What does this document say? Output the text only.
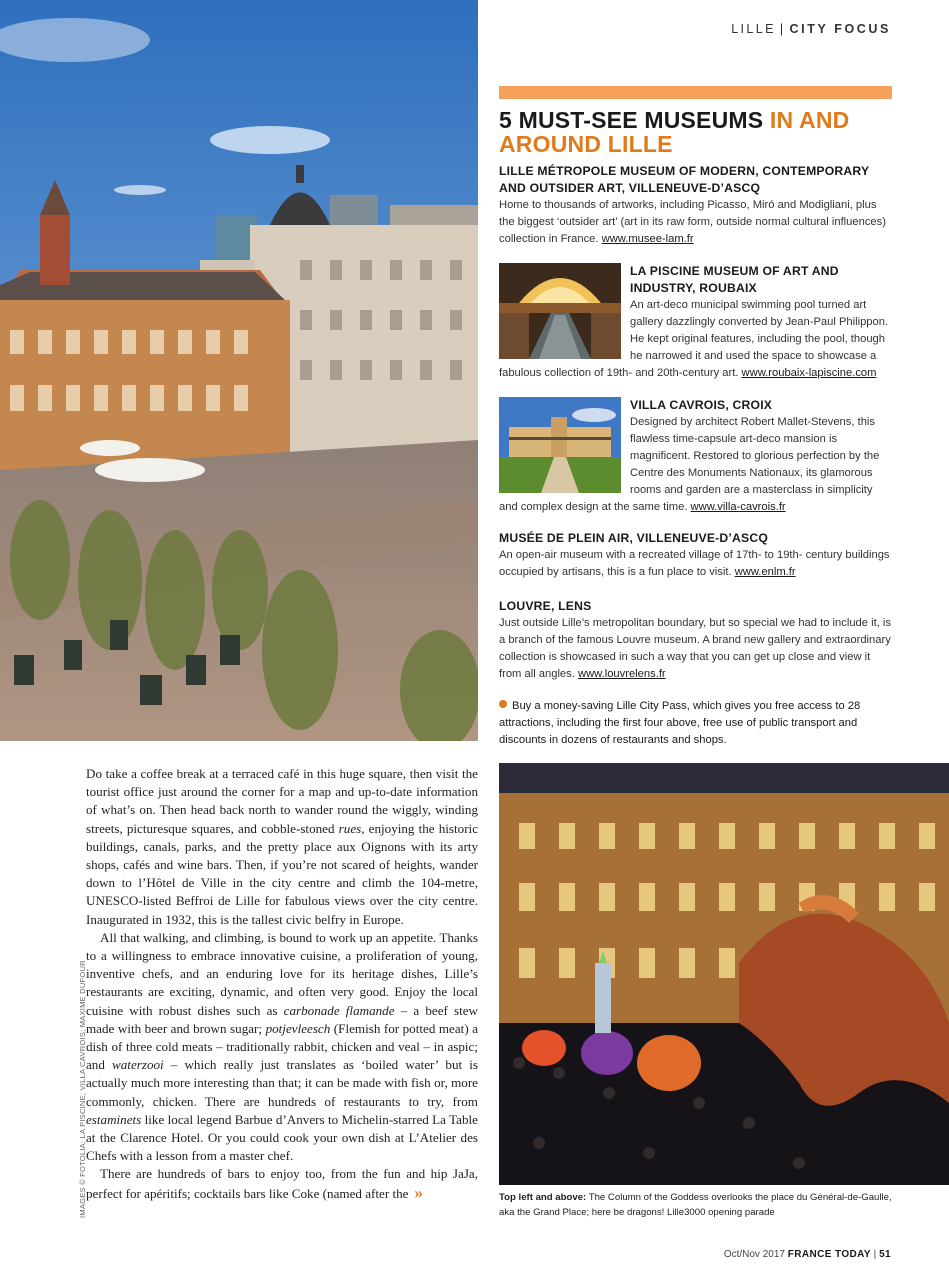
LILLE | CITY FOCUS
5 MUST-SEE MUSEUMS IN AND AROUND LILLE
LILLE MÉTROPOLE MUSEUM OF MODERN, CONTEMPORARY AND OUTSIDER ART, VILLENEUVE-D’ASCQ

Home to thousands of artworks, including Picasso, Miró and Modigliani, plus the biggest ‘outsider art’ (art in its raw form, outside normal cultural influences) collection in France. www.musee-lam.fr

LA PISCINE MUSEUM OF ART AND INDUSTRY, ROUBAIX

An art-deco municipal swimming pool turned art gallery dazzlingly converted by Jean-Paul Philippon. He kept original features, including the pool, though he narrowed it and used the space to showcase a fabulous collection of 19th- and 20th-century art. www.roubaix-lapiscine.com

VILLA CAVROIS, CROIX

Designed by architect Robert Mallet-Stevens, this flawless time-capsule art-deco mansion is magnificent. Restored to glorious perfection by the Centre des Monuments Nationaux, its glamorous rooms and garden are a masterclass in simplicity and complex design at the same time. www.villa-cavrois.fr

MUSÉE DE PLEIN AIR, VILLENEUVE-D’ASCQ

An open-air museum with a recreated village of 17th- to 19th- century buildings occupied by artisans, this is a fun place to visit. www.enlm.fr

LOUVRE, LENS

Just outside Lille’s metropolitan boundary, but so special we had to include it, is a branch of the famous Louvre museum. A brand new gallery and extraordinary collection is showcased in such a way that you can get up close and view it from all angles. www.louvrelens.fr

Buy a money-saving Lille City Pass, which gives you free access to 28 attractions, including the first four above, free use of public transport and discounts in dozens of restaurants and shops.
Top left and above: The Column of the Goddess overlooks the place du Général-de-Gaulle, aka the Grand Place; here be dragons! Lille3000 opening parade

Do take a coffee break at a terraced café in this huge square, then visit the tourist office just around the corner for a map and up-to-date information of what’s on. Then head back north to wander round the wiggly, winding streets, picturesque squares, and cobble-stoned rues, enjoying the historic buildings, canals, parks, and the pretty place aux Oignons with its arty shops, cafés and wine bars. Then, if you’re not scared of heights, wander down to l’Hôtel de Ville in the city centre and climb the 104-metre, UNESCO-listed Beffroi de Lille for fabulous views over the city centre. Inaugurated in 1932, this is the tallest civic belfry in Europe.

All that walking, and climbing, is bound to work up an appetite. Thanks to a willingness to embrace innovative cuisine, a proliferation of young, inventive chefs, and an enduring love for its heritage dishes, Lille’s restaurants are exciting, dynamic, and often very good. Enjoy the local cuisine with robust dishes such as carbonade flamande – a beef stew made with beer and brown sugar; potjevleesch (Flemish for potted meat) a dish of three cold meats – traditionally rabbit, chicken and veal – in aspic; and waterzooi – which really just translates as ‘boiled water’ but is actually much more interesting than that; it can be made with fish or, more commonly, chicken. There are hundreds of restaurants to try, from estaminets like local legend Barbue d’Anvers to Michelin-starred La Table at the Clarence Hotel. Or you could cook your own dish at L’Atelier des Chefs with a lesson from a master chef.

There are hundreds of bars to enjoy too, from the fun and hip JaJa, perfect for apéritifs; cocktails bars like Coke (named after the »

IMAGES © FOTOLIA; LA PISCINE; VILLA CAVROIS; MAXIME DUFOUR
Oct/Nov 2017 FRANCE TODAY | 51
